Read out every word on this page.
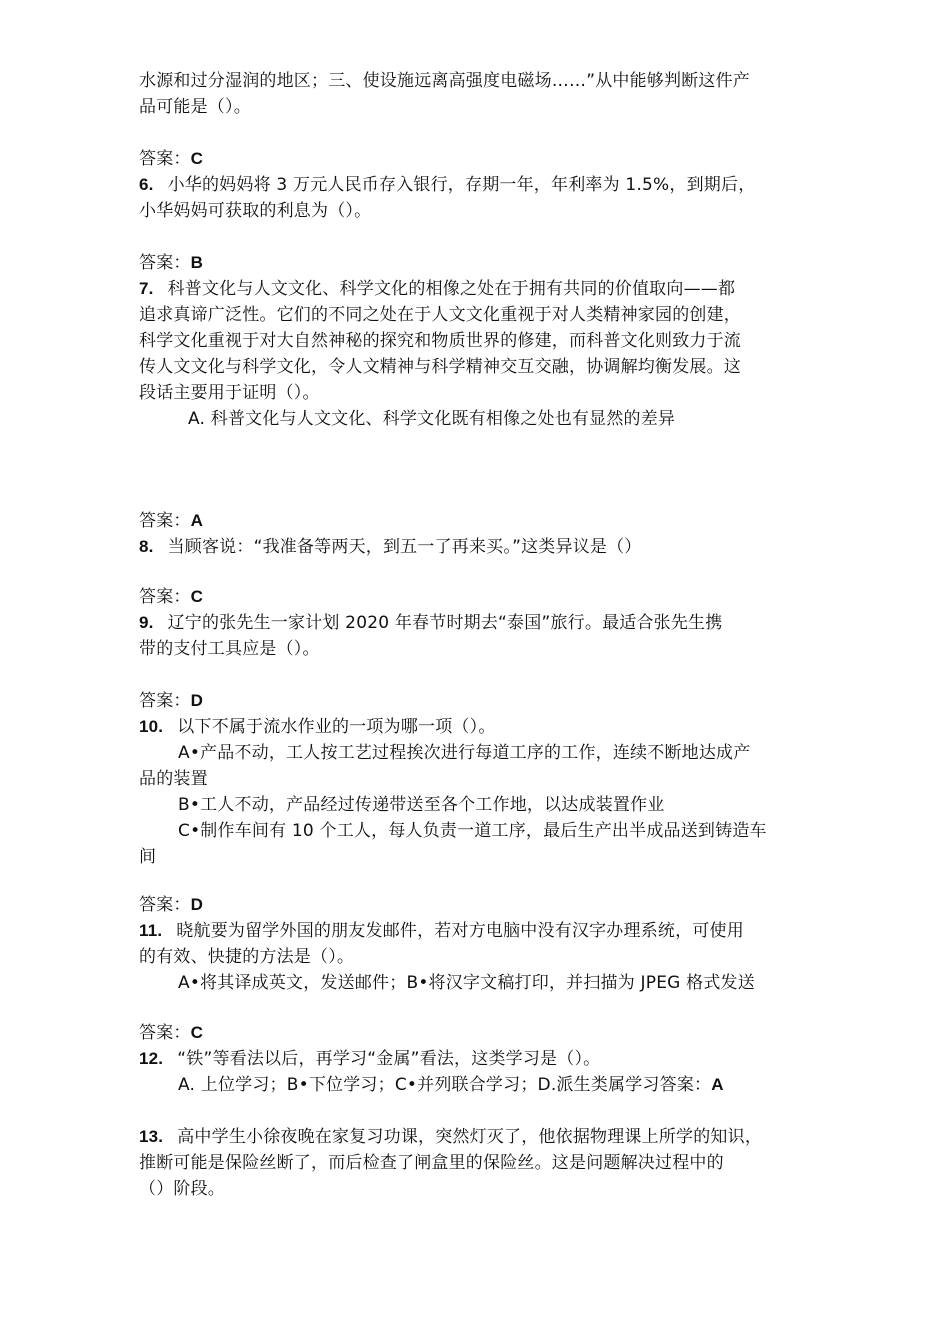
水源和过分湿润的地区；三、使设施远离高强度电磁场……”从中能够判断这件产
品可能是（）。
答案：C
6. 小华的妈妈将 3 万元人民币存入银行，存期一年，年利率为 1.5%，到期后，
小华妈妈可获取的利息为（）。
答案：B
7. 科普文化与人文文化、科学文化的相像之处在于拥有共同的价值取向——都
追求真谛广泛性。它们的不同之处在于人文文化重视于对人类精神家园的创建，
科学文化重视于对大自然神秘的探究和物质世界的修建，而科普文化则致力于流
传人文文化与科学文化，令人文精神与科学精神交互交融，协调解均衡发展。这
段话主要用于证明（）。
A. 科普文化与人文文化、科学文化既有相像之处也有显然的差异
答案：A
8. 当顾客说：“我准备等两天，到五一了再来买。”这类异议是（）
答案：C
9. 辽宁的张先生一家计划 2020 年春节时期去“泰国”旅行。最适合张先生携
带的支付工具应是（）。
答案：D
10. 以下不属于流水作业的一项为哪一项（）。
A•产品不动，工人按工艺过程挨次进行每道工序的工作，连续不断地达成产
品的装置
B•工人不动，产品经过传递带送至各个工作地，以达成装置作业
C•制作车间有 10 个工人，每人负责一道工序，最后生产出半成品送到铸造车
间
答案：D
11. 晓航要为留学外国的朋友发邮件，若对方电脑中没有汉字办理系统，可使用
的有效、快捷的方法是（）。
A•将其译成英文，发送邮件；B•将汉字文稿打印，并扫描为 JPEG 格式发送
答案：C
12. “铁”等看法以后，再学习“金属”看法，这类学习是（）。
A. 上位学习；B•下位学习；C•并列联合学习；D.派生类属学习答案：A
13. 高中学生小徐夜晚在家复习功课，突然灯灭了，他依据物理课上所学的知识，
推断可能是保险丝断了，而后检查了闸盒里的保险丝。这是问题解决过程中的
（）阶段。
